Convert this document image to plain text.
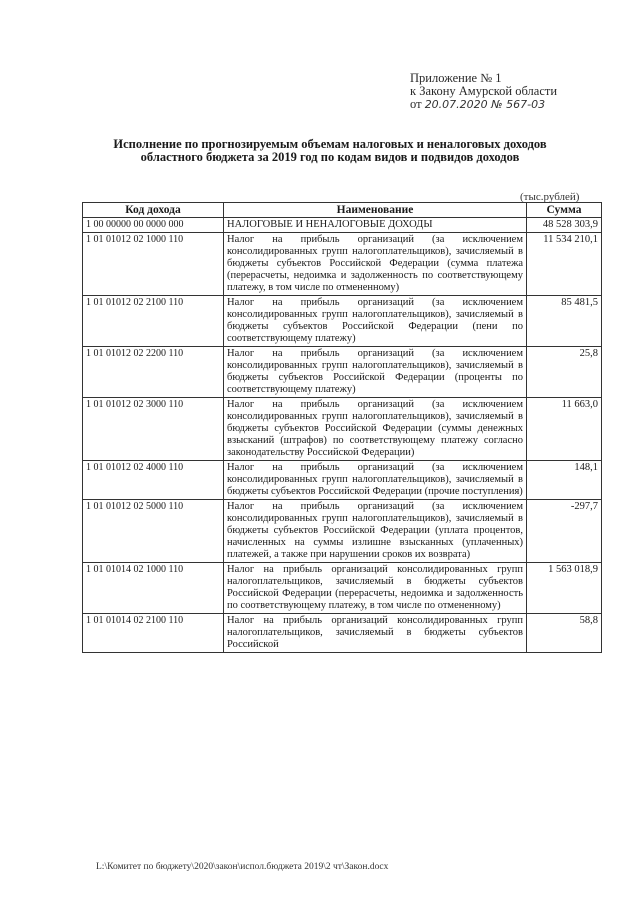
Приложение № 1
к Закону Амурской области
от 20.07.2020 № 567-03
Исполнение по прогнозируемым объемам налоговых и неналоговых доходов областного бюджета за 2019 год по кодам видов и подвидов доходов
(тыс.рублей)
Код дохода	Наименование	Сумма
1 00 00000 00 0000 000	НАЛОГОВЫЕ И НЕНАЛОГОВЫЕ ДОХОДЫ	48 528 303,9
1 01 01012 02 1000 110	Налог на прибыль организаций (за исключением консолидированных групп налогоплательщиков), зачисляемый в бюджеты субъектов Российской Федерации (сумма платежа (перерасчеты, недоимка и задолженность по соответствующему платежу, в том числе по отмененному)	11 534 210,1
1 01 01012 02 2100 110	Налог на прибыль организаций (за исключением консолидированных групп налогоплательщиков), зачисляемый в бюджеты субъектов Российской Федерации (пени по соответствующему платежу)	85 481,5
1 01 01012 02 2200 110	Налог на прибыль организаций (за исключением консолидированных групп налогоплательщиков), зачисляемый в бюджеты субъектов Российской Федерации (проценты по соответствующему платежу)	25,8
1 01 01012 02 3000 110	Налог на прибыль организаций (за исключением консолидированных групп налогоплательщиков), зачисляемый в бюджеты субъектов Российской Федерации (суммы денежных взысканий (штрафов) по соответствующему платежу согласно законодательству Российской Федерации)	11 663,0
1 01 01012 02 4000 110	Налог на прибыль организаций (за исключением консолидированных групп налогоплательщиков), зачисляемый в бюджеты субъектов Российской Федерации (прочие поступления)	148,1
1 01 01012 02 5000 110	Налог на прибыль организаций (за исключением консолидированных групп налогоплательщиков), зачисляемый в бюджеты субъектов Российской Федерации (уплата процентов, начисленных на суммы излишне взысканных (уплаченных) платежей, а также при нарушении сроков их возврата)	-297,7
1 01 01014 02 1000 110	Налог на прибыль организаций консолидированных групп налогоплательщиков, зачисляемый в бюджеты субъектов Российской Федерации (перерасчеты, недоимка и задолженность по соответствующему платежу, в том числе по отмененному)	1 563 018,9
1 01 01014 02 2100 110	Налог на прибыль организаций консолидированных групп налогоплательщиков, зачисляемый в бюджеты субъектов Российской	58,8
L:\Комитет по бюджету\2020\закон\испол.бюджета 2019\2 чт\Закон.docx
